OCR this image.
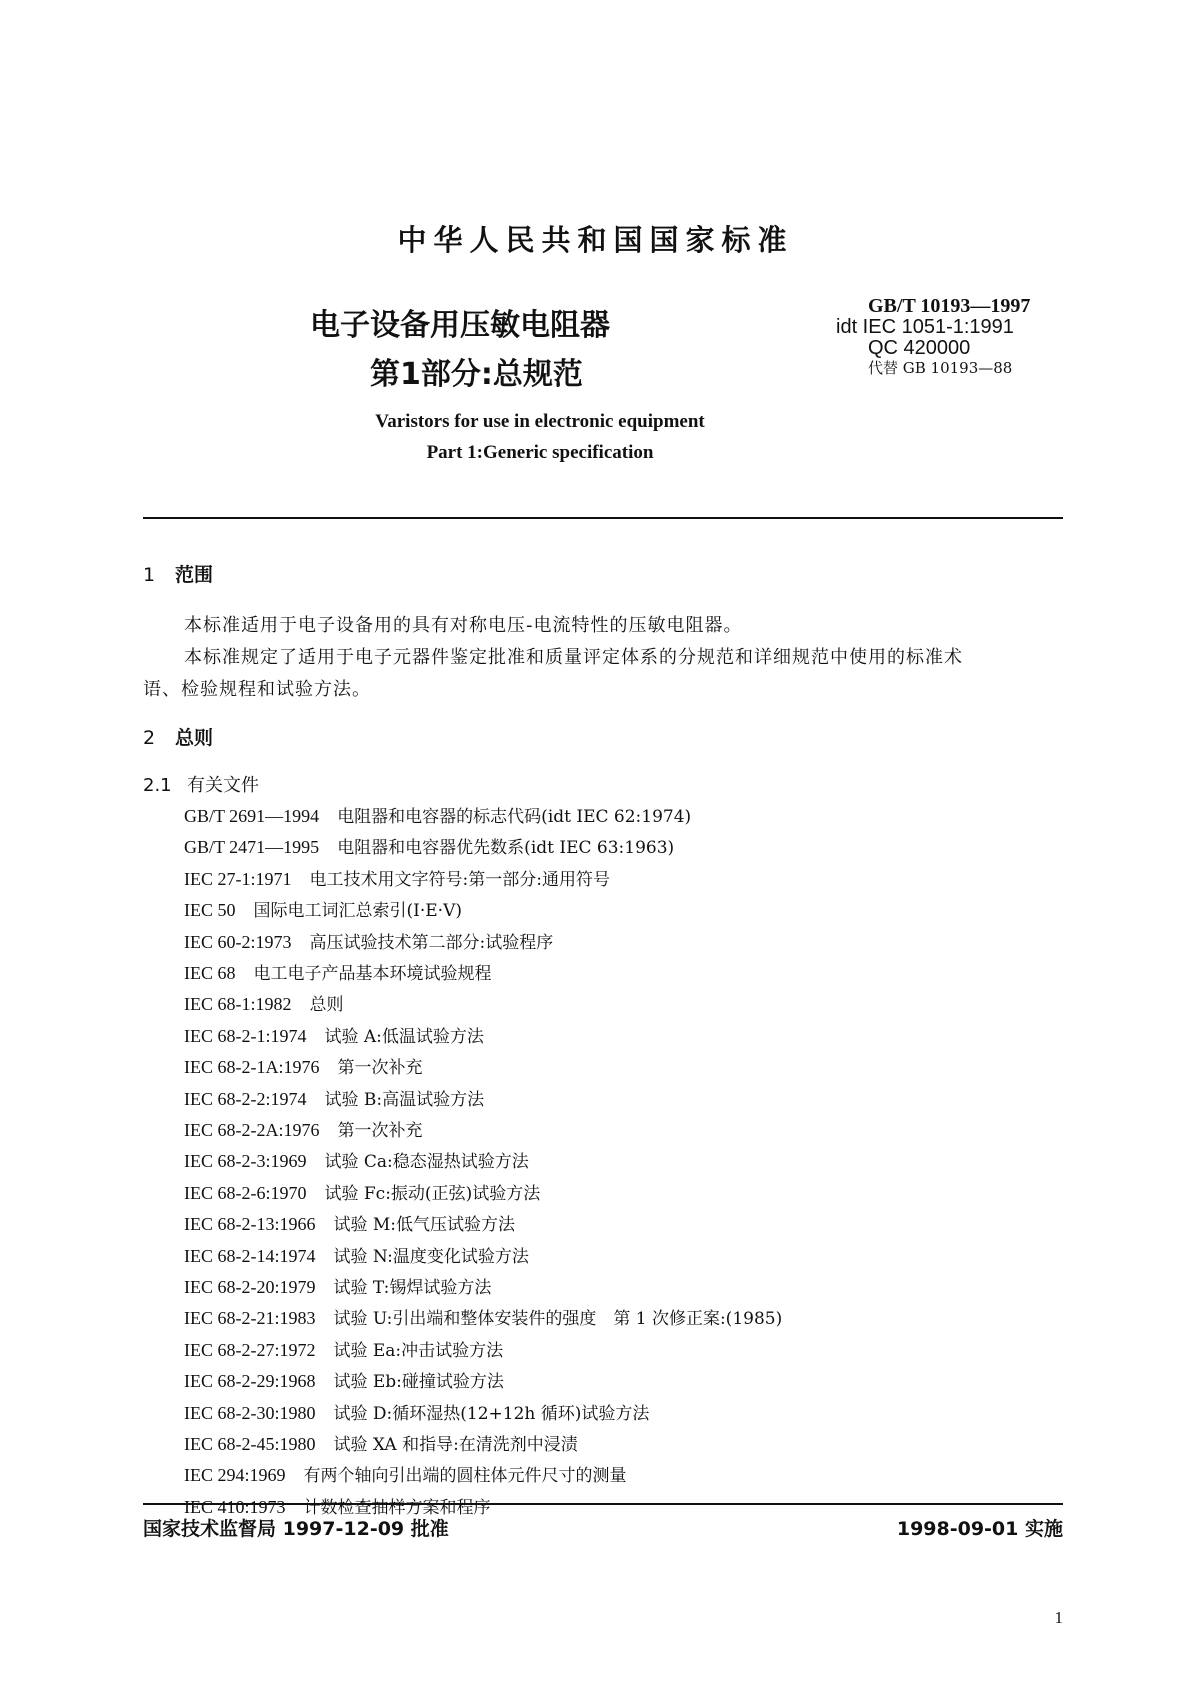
中华人民共和国国家标准
电子设备用压敏电阻器
第1部分:总规范
GB/T 10193—1997
idt IEC 1051-1:1991
QC 420000
代替 GB 10193—88
Varistors for use in electronic equipment
Part 1:Generic specification
1 范围
本标准适用于电子设备用的具有对称电压-电流特性的压敏电阻器。
本标准规定了适用于电子元器件鉴定批准和质量评定体系的分规范和详细规范中使用的标准术
语、检验规程和试验方法。
2 总则
2.1 有关文件
GB/T 2691—1994 电阻器和电容器的标志代码(idt IEC 62:1974)
GB/T 2471—1995 电阻器和电容器优先数系(idt IEC 63:1963)
IEC 27-1:1971 电工技术用文字符号:第一部分:通用符号
IEC 50 国际电工词汇总索引(I·E·V)
IEC 60-2:1973 高压试验技术第二部分:试验程序
IEC 68 电工电子产品基本环境试验规程
IEC 68-1:1982 总则
IEC 68-2-1:1974 试验 A:低温试验方法
IEC 68-2-1A:1976 第一次补充
IEC 68-2-2:1974 试验 B:高温试验方法
IEC 68-2-2A:1976 第一次补充
IEC 68-2-3:1969 试验 Ca:稳态湿热试验方法
IEC 68-2-6:1970 试验 Fc:振动(正弦)试验方法
IEC 68-2-13:1966 试验 M:低气压试验方法
IEC 68-2-14:1974 试验 N:温度变化试验方法
IEC 68-2-20:1979 试验 T:锡焊试验方法
IEC 68-2-21:1983 试验 U:引出端和整体安装件的强度　第 1 次修正案:(1985)
IEC 68-2-27:1972 试验 Ea:冲击试验方法
IEC 68-2-29:1968 试验 Eb:碰撞试验方法
IEC 68-2-30:1980 试验 D:循环湿热(12+12h 循环)试验方法
IEC 68-2-45:1980 试验 XA 和指导:在清洗剂中浸渍
IEC 294:1969 有两个轴向引出端的圆柱体元件尺寸的测量
IEC 410:1973 计数检查抽样方案和程序
国家技术监督局 1997-12-09 批准	1998-09-01 实施
1
